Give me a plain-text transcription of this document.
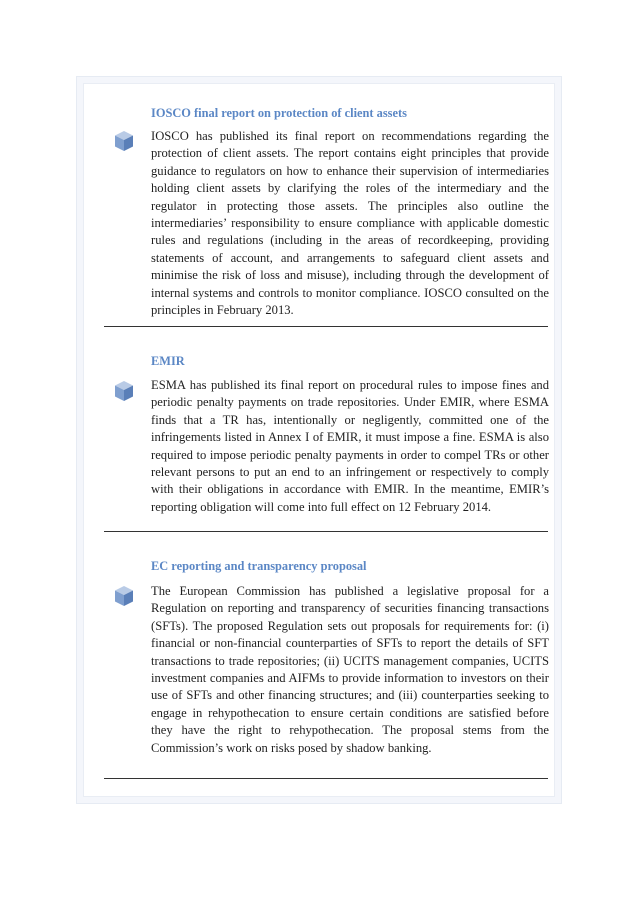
IOSCO final report on protection of client assets
IOSCO has published its final report on recommendations regarding the protection of client assets. The report contains eight principles that provide guidance to regulators on how to enhance their supervision of intermediaries holding client assets by clarifying the roles of the intermediary and the regulator in protecting those assets. The principles also outline the intermediaries’ responsibility to ensure compliance with applicable domestic rules and regulations (including in the areas of recordkeeping, providing statements of account, and arrangements to safeguard client assets and minimise the risk of loss and misuse), including through the development of internal systems and controls to monitor compliance. IOSCO consulted on the principles in February 2013.
EMIR
ESMA has published its final report on procedural rules to impose fines and periodic penalty payments on trade repositories. Under EMIR, where ESMA finds that a TR has, intentionally or negligently, committed one of the infringements listed in Annex I of EMIR, it must impose a fine. ESMA is also required to impose periodic penalty payments in order to compel TRs or other relevant persons to put an end to an infringement or respectively to comply with their obligations in accordance with EMIR. In the meantime, EMIR’s reporting obligation will come into full effect on 12 February 2014.
EC reporting and transparency proposal
The European Commission has published a legislative proposal for a Regulation on reporting and transparency of securities financing transactions (SFTs). The proposed Regulation sets out proposals for requirements for: (i) financial or non-financial counterparties of SFTs to report the details of SFT transactions to trade repositories; (ii) UCITS management companies, UCITS investment companies and AIFMs to provide information to investors on their use of SFTs and other financing structures; and (iii) counterparties seeking to engage in rehypothecation to ensure certain conditions are satisfied before they have the right to rehypothecation. The proposal stems from the Commission’s work on risks posed by shadow banking.
